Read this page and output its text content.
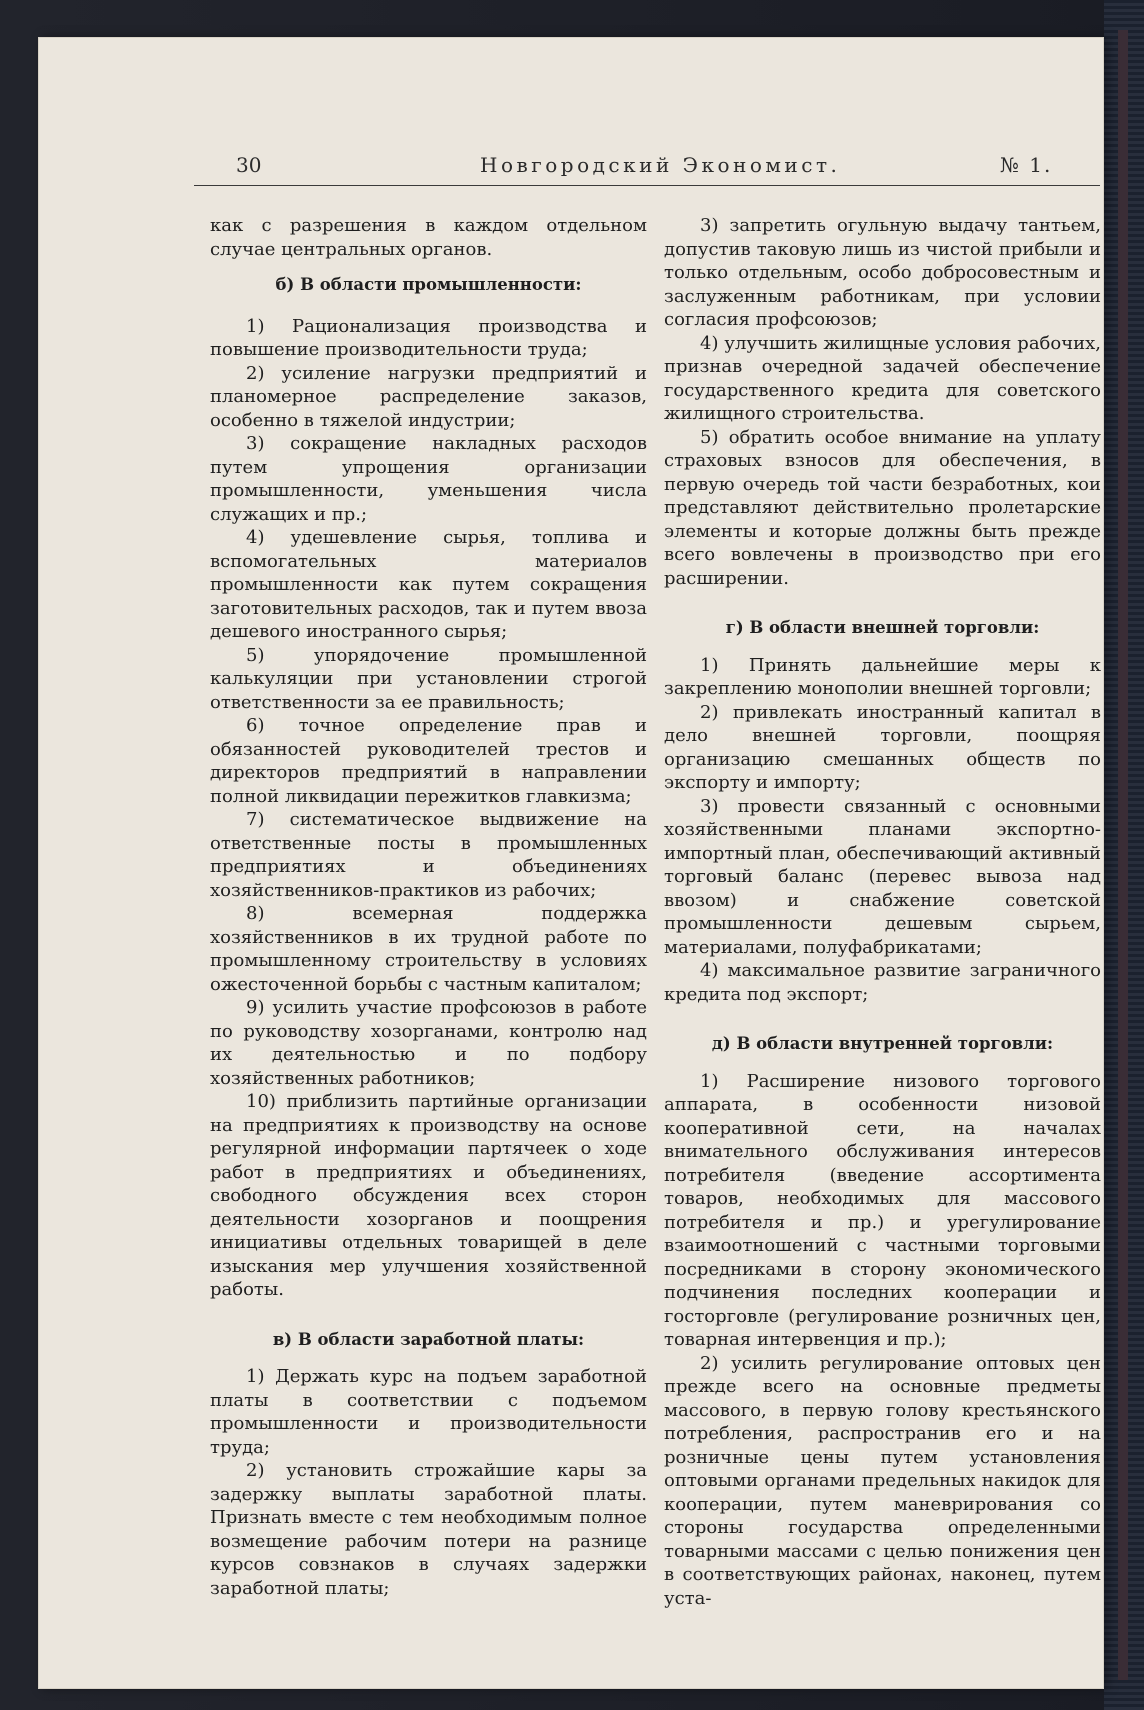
30	Новгородский Экономист.	№ 1.

как с разрешения в каждом отдельном случае центральных органов.

б) В области промышленности:

1) Рационализация производства и повышение производительности труда;

2) усиление нагрузки предприятий и планомерное распределение заказов, особенно в тяжелой индустрии;

3) сокращение накладных расходов путем упрощения организации промышленности, уменьшения числа служащих и пр.;

4) удешевление сырья, топлива и вспомогательных материалов промышленности как путем сокращения заготовительных расходов, так и путем ввоза дешевого иностранного сырья;

5) упорядочение промышленной калькуляции при установлении строгой ответственности за ее правильность;

6) точное определение прав и обязанностей руководителей трестов и директоров предприятий в направлении полной ликвидации пережитков главкизма;

7) систематическое выдвижение на ответственные посты в промышленных предприятиях и объединениях хозяйственников-практиков из рабочих;

8) всемерная поддержка хозяйственников в их трудной работе по промышленному строительству в условиях ожесточенной борьбы с частным капиталом;

9) усилить участие профсоюзов в работе по руководству хозорганами, контролю над их деятельностью и по подбору хозяйственных работников;

10) приблизить партийные организации на предприятиях к производству на основе регулярной информации партячеек о ходе работ в предприятиях и объединениях, свободного обсуждения всех сторон деятельности хозорганов и поощрения инициативы отдельных товарищей в деле изыскания мер улучшения хозяйственной работы.

в) В области заработной платы:

1) Держать курс на подъем заработной платы в соответствии с подъемом промышленности и производительности труда;

2) установить строжайшие кары за задержку выплаты заработной платы. Признать вместе с тем необходимым полное возмещение рабочим потери на разнице курсов совзнаков в случаях задержки заработной платы;

3) запретить огульную выдачу тантьем, допустив таковую лишь из чистой прибыли и только отдельным, особо добросовестным и заслуженным работникам, при условии согласия профсоюзов;

4) улучшить жилищные условия рабочих, признав очередной задачей обеспечение государственного кредита для советского жилищного строительства.

5) обратить особое внимание на уплату страховых взносов для обеспечения, в первую очередь той части безработных, кои представляют действительно пролетарские элементы и которые должны быть прежде всего вовлечены в производство при его расширении.

г) В области внешней торговли:

1) Принять дальнейшие меры к закреплению монополии внешней торговли;

2) привлекать иностранный капитал в дело внешней торговли, поощряя организацию смешанных обществ по экспорту и импорту;

3) провести связанный с основными хозяйственными планами экспортно-импортный план, обеспечивающий активный торговый баланс (перевес вывоза над ввозом) и снабжение советской промышленности дешевым сырьем, материалами, полуфабрикатами;

4) максимальное развитие заграничного кредита под экспорт;

д) В области внутренней торговли:

1) Расширение низового торгового аппарата, в особенности низовой кооперативной сети, на началах внимательного обслуживания интересов потребителя (введение ассортимента товаров, необходимых для массового потребителя и пр.) и урегулирование взаимоотношений с частными торговыми посредниками в сторону экономического подчинения последних кооперации и госторговле (регулирование розничных цен, товарная интервенция и пр.);

2) усилить регулирование оптовых цен прежде всего на основные предметы массового, в первую голову крестьянского потребления, распространив его и на розничные цены путем установления оптовыми органами предельных накидок для кооперации, путем маневрирования со стороны государства определенными товарными массами с целью понижения цен в соответствующих районах, наконец, путем уста-
